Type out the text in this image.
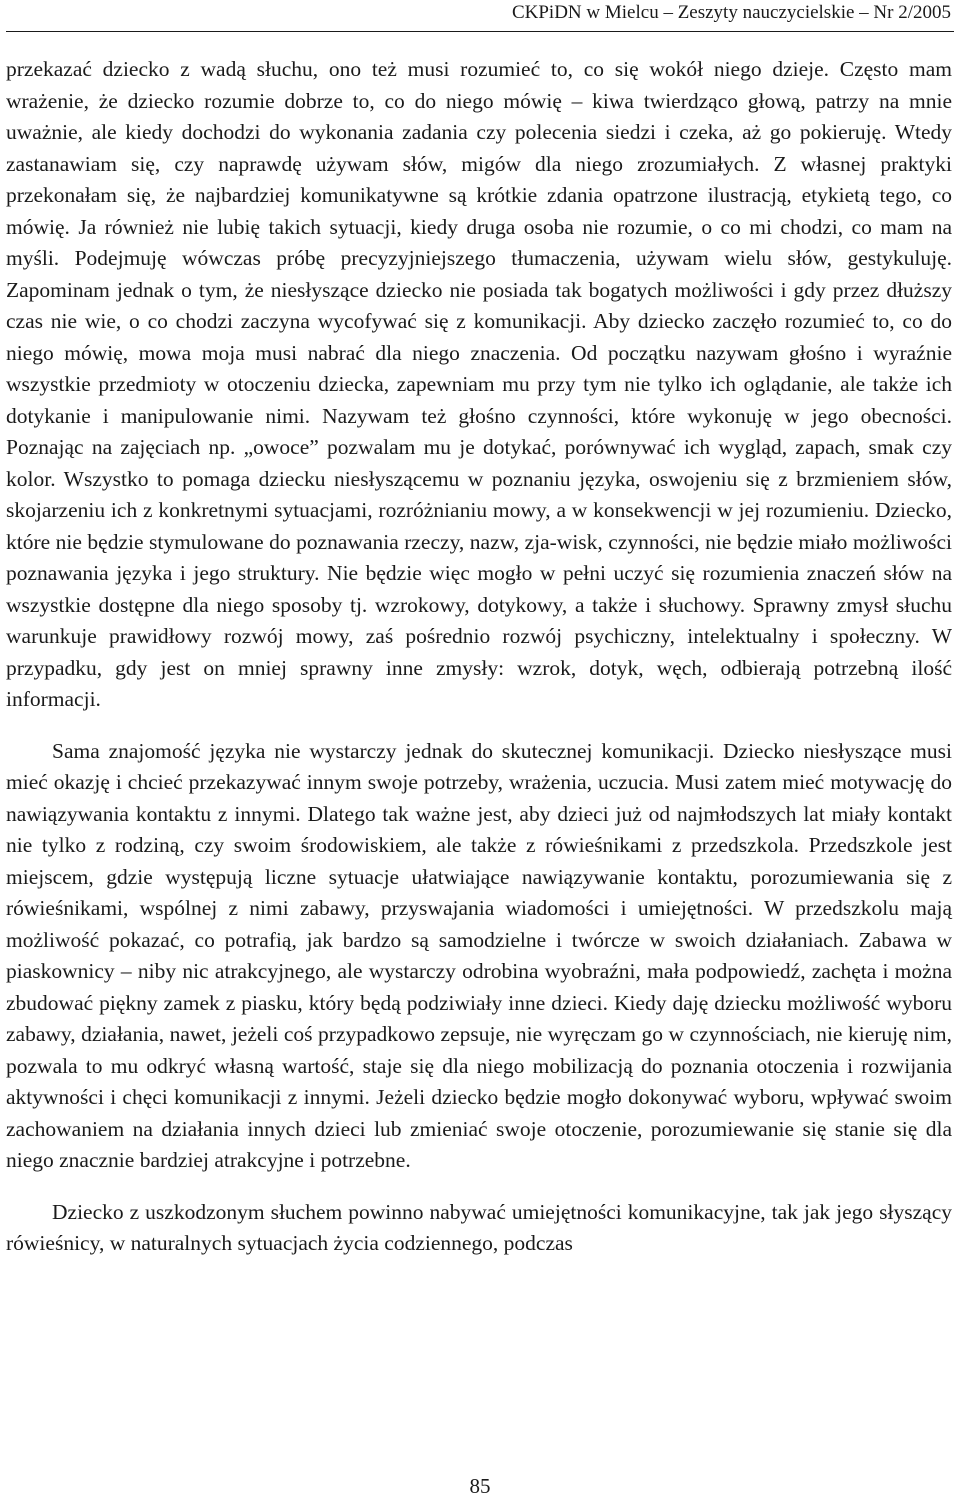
CKPiDN w Mielcu – Zeszyty nauczycielskie – Nr 2/2005

przekazać dziecko z wadą słuchu, ono też musi rozumieć to, co się wokół niego dzieje. Często mam wrażenie, że dziecko rozumie dobrze to, co do niego mówię – kiwa twierdząco głową, patrzy na mnie uważnie, ale kiedy dochodzi do wykonania zadania czy polecenia siedzi i czeka, aż go pokieruję. Wtedy zastanawiam się, czy naprawdę używam słów, migów dla niego zrozumiałych. Z własnej praktyki przekonałam się, że najbardziej komunikatywne są krótkie zdania opatrzone ilustracją, etykietą tego, co mówię. Ja również nie lubię takich sytuacji, kiedy druga osoba nie rozumie, o co mi chodzi, co mam na myśli. Podejmuję wówczas próbę precyzyjniejszego tłumaczenia, używam wielu słów, gestykuluję. Zapominam jednak o tym, że niesłyszące dziecko nie posiada tak bogatych możliwości i gdy przez dłuższy czas nie wie, o co chodzi zaczyna wycofywać się z komunikacji. Aby dziecko zaczęło rozumieć to, co do niego mówię, mowa moja musi nabrać dla niego znaczenia. Od początku nazywam głośno i wyraźnie wszystkie przedmioty w otoczeniu dziecka, zapewniam mu przy tym nie tylko ich oglądanie, ale także ich dotykanie i manipulowanie nimi. Nazywam też głośno czynności, które wykonuję w jego obecności. Poznając na zajęciach np. „owoce” pozwalam mu je dotykać, porównywać ich wygląd, zapach, smak czy kolor. Wszystko to pomaga dziecku niesłyszącemu w poznaniu języka, oswojeniu się z brzmieniem słów, skojarzeniu ich z konkretnymi sytuacjami, rozróżnianiu mowy, a w konsekwencji w jej rozumieniu. Dziecko, które nie będzie stymulowane do poznawania rzeczy, nazw, zja-wisk, czynności, nie będzie miało możliwości poznawania języka i jego struktury. Nie będzie więc mogło w pełni uczyć się rozumienia znaczeń słów na wszystkie dostępne dla niego sposoby tj. wzrokowy, dotykowy, a także i słuchowy. Sprawny zmysł słuchu warunkuje prawidłowy rozwój mowy, zaś pośrednio rozwój psychiczny, intelektualny i społeczny. W przypadku, gdy jest on mniej sprawny inne zmysły: wzrok, dotyk, węch, odbierają potrzebną ilość informacji.

Sama znajomość języka nie wystarczy jednak do skutecznej komunikacji. Dziecko niesłyszące musi mieć okazję i chcieć przekazywać innym swoje potrzeby, wrażenia, uczucia. Musi zatem mieć motywację do nawiązywania kontaktu z innymi. Dlatego tak ważne jest, aby dzieci już od najmłodszych lat miały kontakt nie tylko z rodziną, czy swoim środowiskiem, ale także z rówieśnikami z przedszkola. Przedszkole jest miejscem, gdzie występują liczne sytuacje ułatwiające nawiązywanie kontaktu, porozumiewania się z rówieśnikami, wspólnej z nimi zabawy, przyswajania wiadomości i umiejętności. W przedszkolu mają możliwość pokazać, co potrafią, jak bardzo są samodzielne i twórcze w swoich działaniach. Zabawa w piaskownicy – niby nic atrakcyjnego, ale wystarczy odrobina wyobraźni, mała podpowiedź, zachęta i można zbudować piękny zamek z piasku, który będą podziwiały inne dzieci. Kiedy daję dziecku możliwość wyboru zabawy, działania, nawet, jeżeli coś przypadkowo zepsuje, nie wyręczam go w czynnościach, nie kieruję nim, pozwala to mu odkryć własną wartość, staje się dla niego mobilizacją do poznania otoczenia i rozwijania aktywności i chęci komunikacji z innymi. Jeżeli dziecko będzie mogło dokonywać wyboru, wpływać swoim zachowaniem na działania innych dzieci lub zmieniać swoje otoczenie, porozumiewanie się stanie się dla niego znacznie bardziej atrakcyjne i potrzebne.

Dziecko z uszkodzonym słuchem powinno nabywać umiejętności komunikacyjne, tak jak jego słyszący rówieśnicy, w naturalnych sytuacjach życia codziennego, podczas

85
